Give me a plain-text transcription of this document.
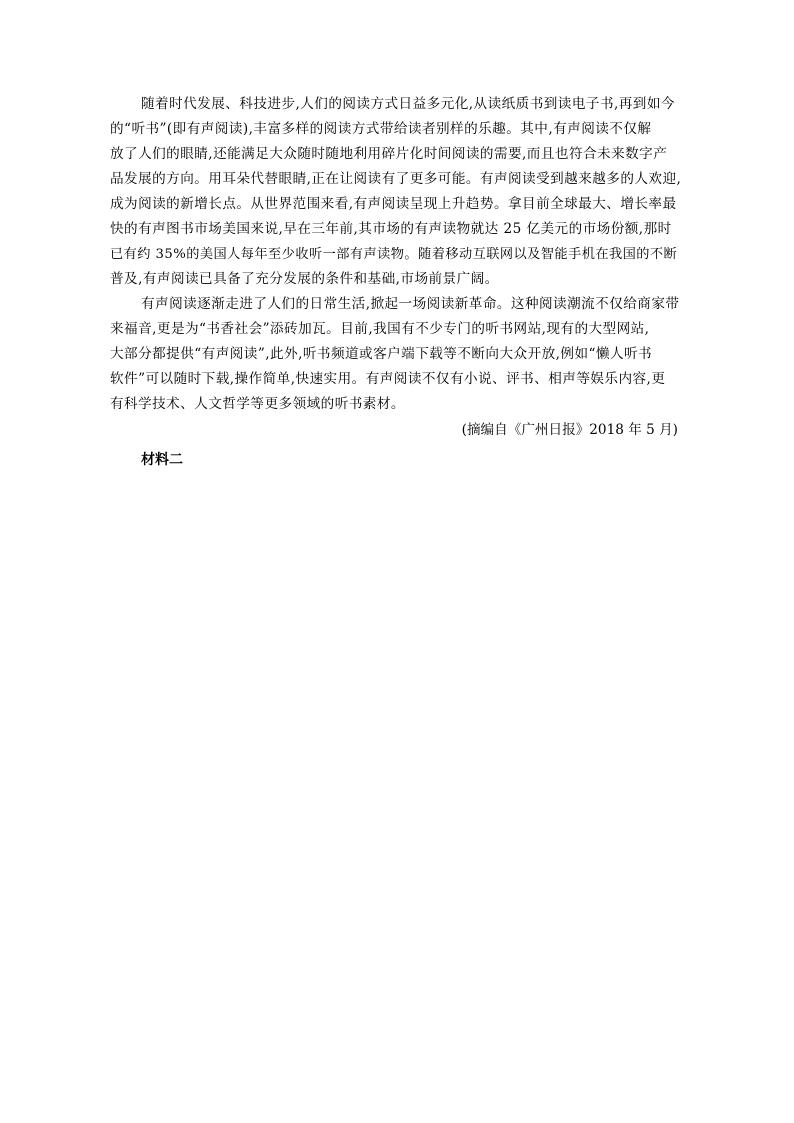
随着时代发展、科技进步,人们的阅读方式日益多元化,从读纸质书到读电子书,再到如今
的“听书”(即有声阅读),丰富多样的阅读方式带给读者别样的乐趣。其中,有声阅读不仅解
放了人们的眼睛,还能满足大众随时随地利用碎片化时间阅读的需要,而且也符合未来数字产
品发展的方向。用耳朵代替眼睛,正在让阅读有了更多可能。有声阅读受到越来越多的人欢迎,
成为阅读的新增长点。从世界范围来看,有声阅读呈现上升趋势。拿目前全球最大、增长率最
快的有声图书市场美国来说,早在三年前,其市场的有声读物就达 25 亿美元的市场份额,那时
已有约 35%的美国人每年至少收听一部有声读物。随着移动互联网以及智能手机在我国的不断
普及,有声阅读已具备了充分发展的条件和基础,市场前景广阔。
有声阅读逐渐走进了人们的日常生活,掀起一场阅读新革命。这种阅读潮流不仅给商家带
来福音,更是为“书香社会”添砖加瓦。目前,我国有不少专门的听书网站,现有的大型网站,
大部分都提供“有声阅读”,此外,听书频道或客户端下载等不断向大众开放,例如“懒人听书
软件”可以随时下载,操作简单,快速实用。有声阅读不仅有小说、评书、相声等娱乐内容,更
有科学技术、人文哲学等更多领域的听书素材。
(摘编自《广州日报》2018 年 5 月)
材料二
